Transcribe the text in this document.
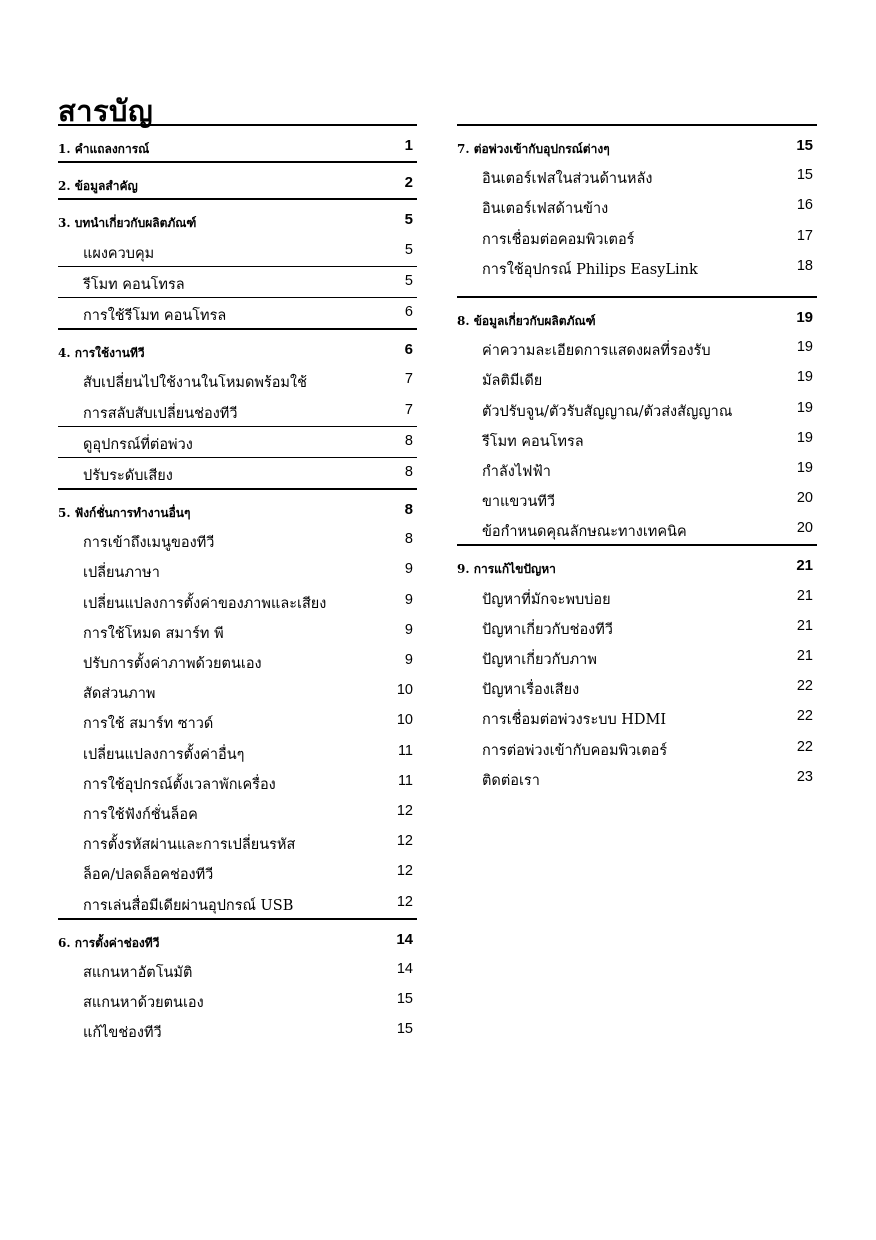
สารบัญ
1. คำแถลงการณ์	1
2. ข้อมูลสำคัญ	2
3. บทนำเกี่ยวกับผลิตภัณฑ์	5
แผงควบคุม	5
รีโมท คอนโทรล	5
การใช้รีโมท คอนโทรล	6
4. การใช้งานทีวี	6
สับเปลี่ยนไปใช้งานในโหมดพร้อมใช้	7
การสลับสับเปลี่ยนช่องทีวี	7
ดูอุปกรณ์ที่ต่อพ่วง	8
ปรับระดับเสียง	8
5. ฟังก์ชั่นการทำงานอื่นๆ	8
การเข้าถึงเมนูของทีวี	8
เปลี่ยนภาษา	9
เปลี่ยนแปลงการตั้งค่าของภาพและเสียง	9
การใช้โหมด สมาร์ท พี	9
ปรับการตั้งค่าภาพด้วยตนเอง	9
สัดส่วนภาพ	10
การใช้ สมาร์ท ซาวด์	10
เปลี่ยนแปลงการตั้งค่าอื่นๆ	11
การใช้อุปกรณ์ตั้งเวลาพักเครื่อง	11
การใช้ฟังก์ชั่นล็อค	12
การตั้งรหัสผ่านและการเปลี่ยนรหัส	12
ล็อค/ปลดล็อคช่องทีวี	12
การเล่นสื่อมีเดียผ่านอุปกรณ์ USB	12
6. การตั้งค่าช่องทีวี	14
สแกนหาอัตโนมัติ	14
สแกนหาด้วยตนเอง	15
แก้ไขช่องทีวี	15
7. ต่อพ่วงเข้ากับอุปกรณ์ต่างๆ	15
อินเตอร์เฟสในส่วนด้านหลัง	15
อินเตอร์เฟสด้านข้าง	16
การเชื่อมต่อคอมพิวเตอร์	17
การใช้อุปกรณ์ Philips EasyLink	18
8. ข้อมูลเกี่ยวกับผลิตภัณฑ์	19
ค่าความละเอียดการแสดงผลที่รองรับ	19
มัลติมีเดีย	19
ตัวปรับจูน/ตัวรับสัญญาณ/ตัวส่งสัญญาณ	19
รีโมท คอนโทรล	19
กำลังไฟฟ้า	19
ขาแขวนทีวี	20
ข้อกำหนดคุณลักษณะทางเทคนิค	20
9. การแก้ไขปัญหา	21
ปัญหาที่มักจะพบบ่อย	21
ปัญหาเกี่ยวกับช่องทีวี	21
ปัญหาเกี่ยวกับภาพ	21
ปัญหาเรื่องเสียง	22
การเชื่อมต่อพ่วงระบบ HDMI	22
การต่อพ่วงเข้ากับคอมพิวเตอร์	22
ติดต่อเรา	23
